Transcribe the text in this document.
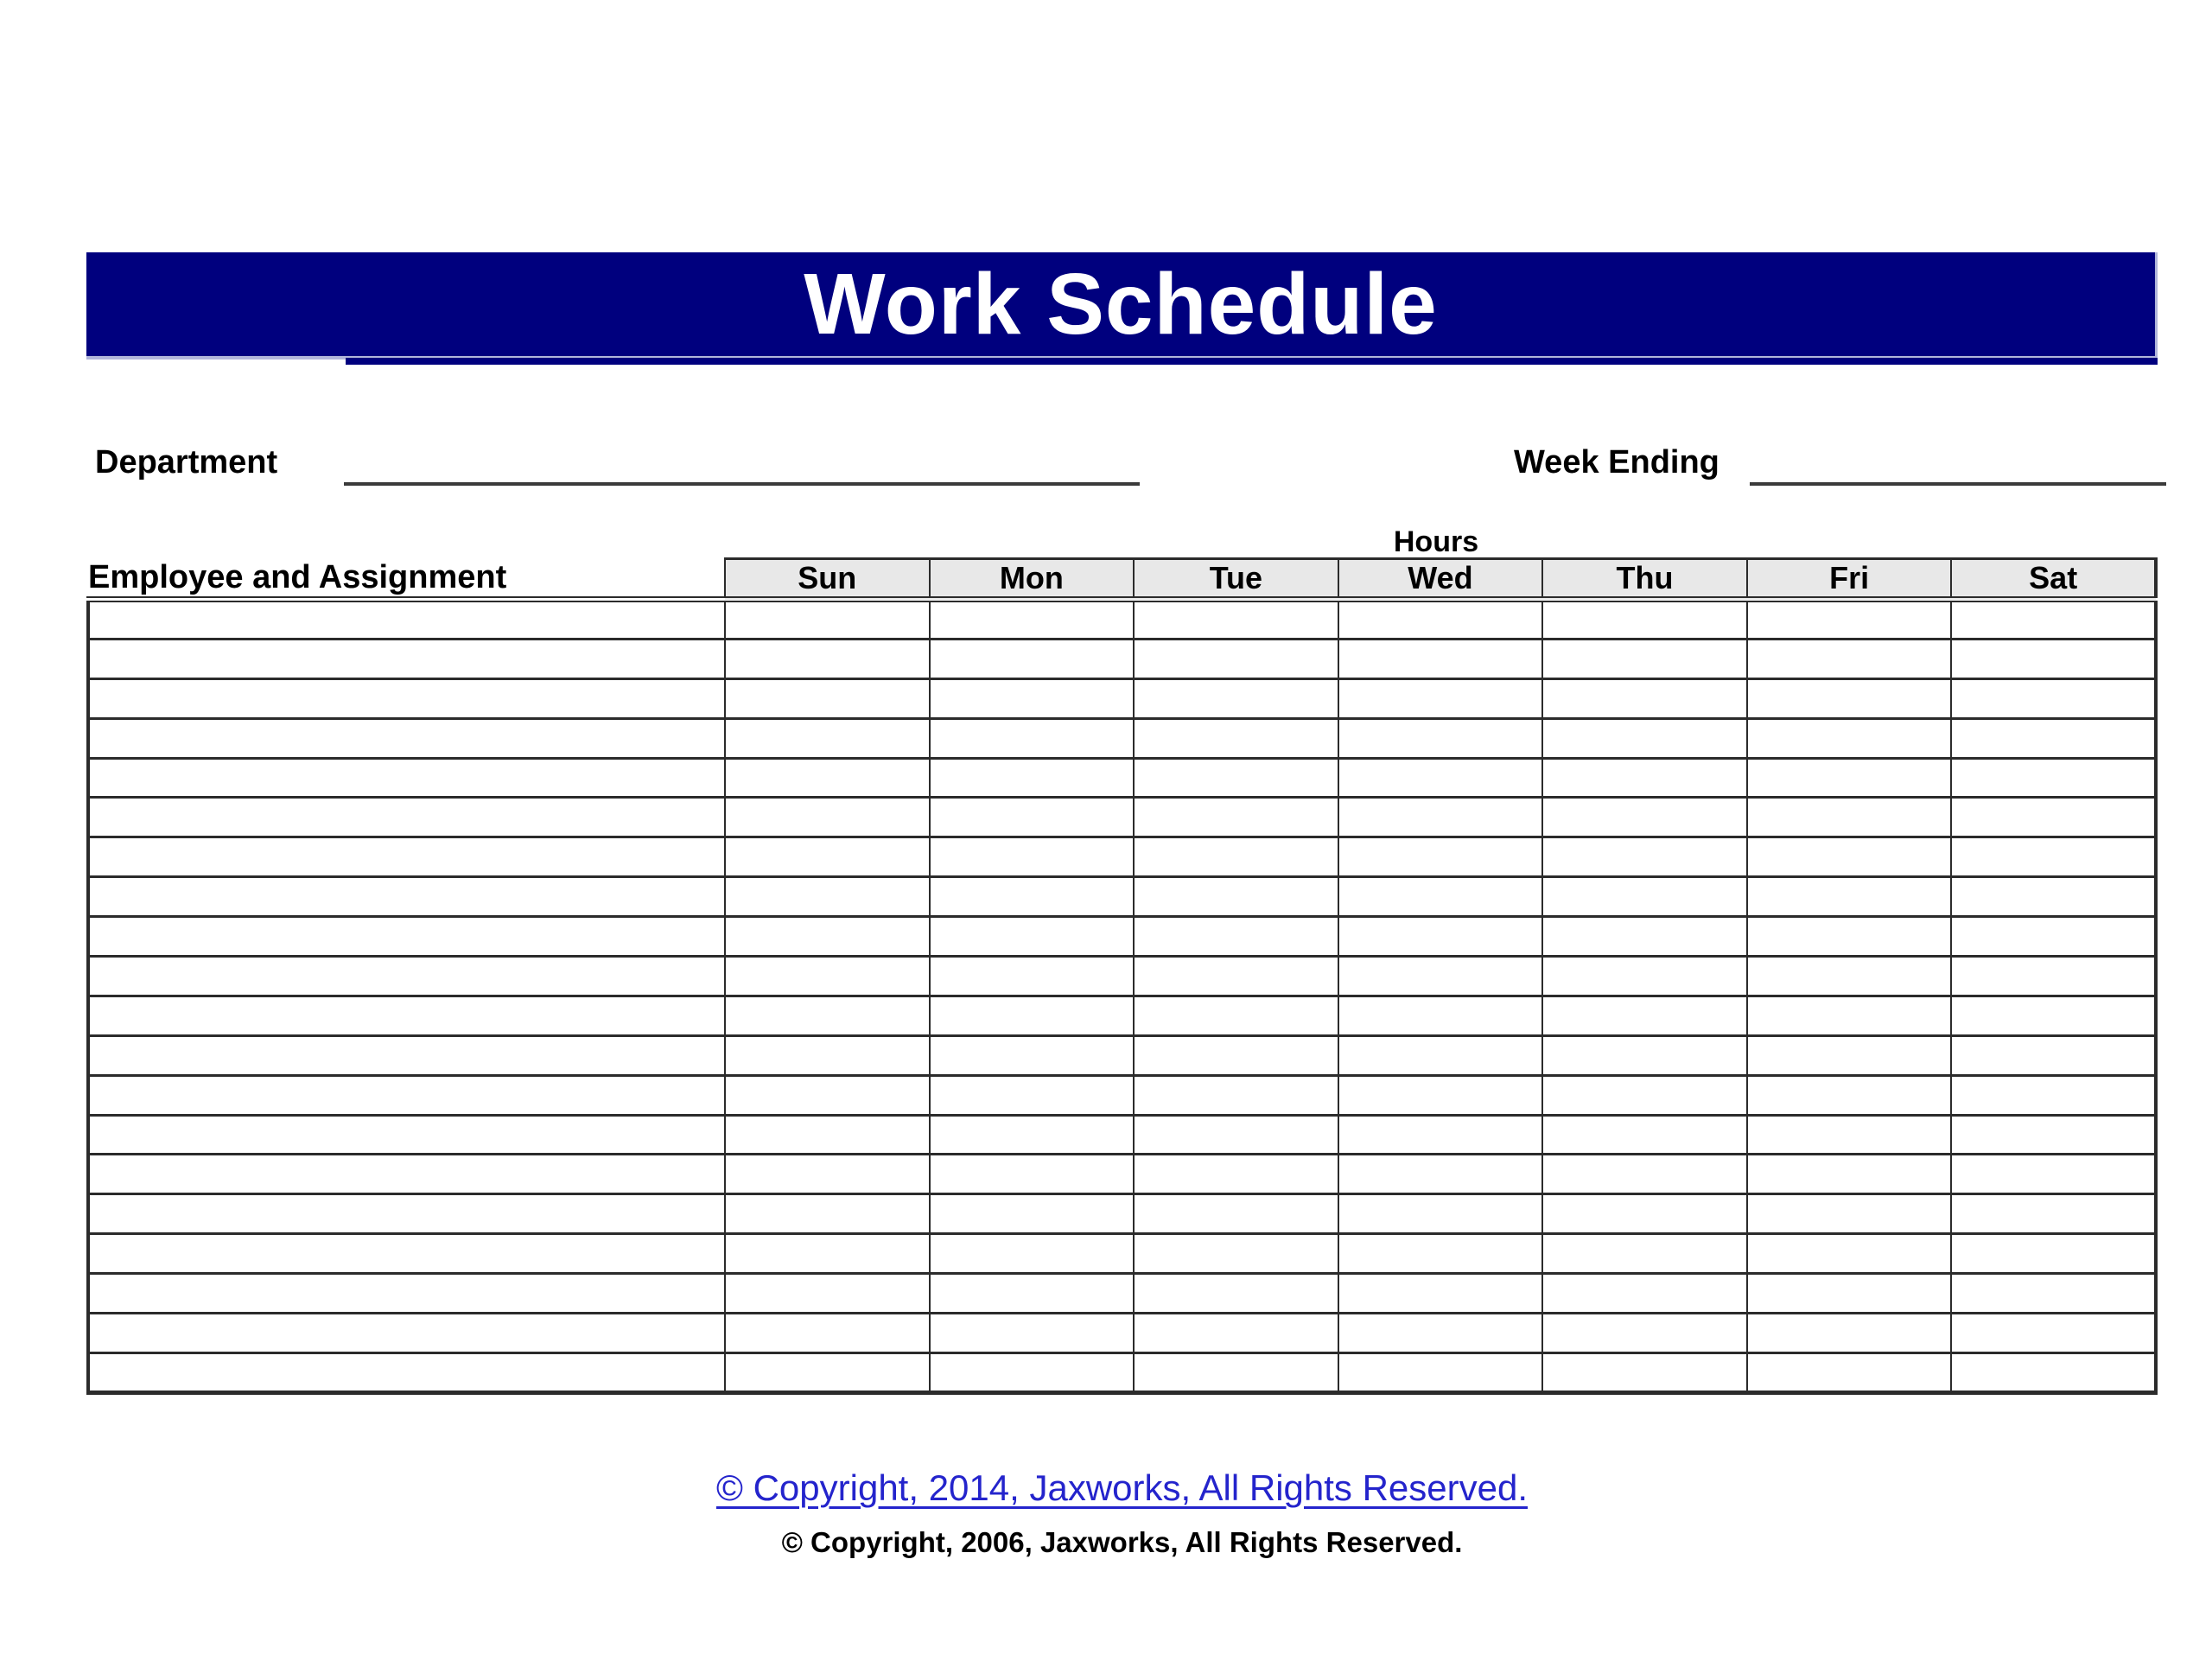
Work Schedule
Department	Week Ending
Hours
Employee and Assignment	Sun	Mon	Tue	Wed	Thu	Fri	Sat

© Copyright, 2014, Jaxworks, All Rights Reserved.
© Copyright, 2006, Jaxworks, All Rights Reserved.
